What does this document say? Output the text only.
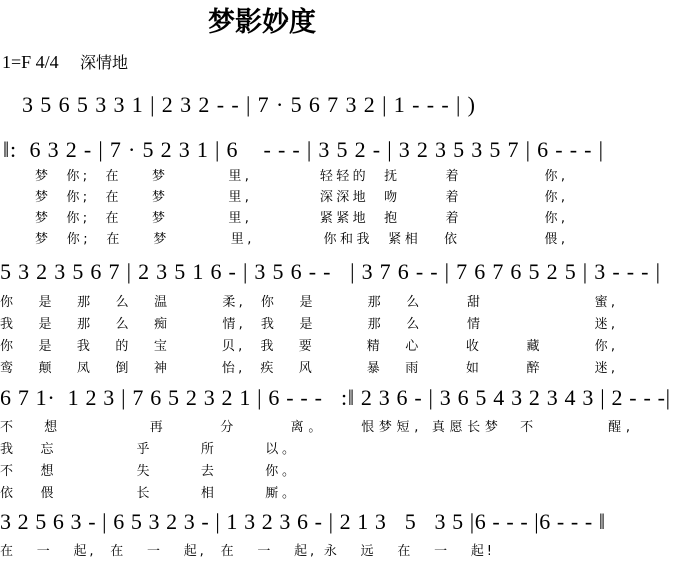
梦影妙度
1=F 4/4 深情地
3 5 6 5 3 3 1 | 2 3 2 - - | 7 · 5 6 7 3 2 | 1 - - - | )
‖:  6 3 2 - | 7 · 5 2 3 1 | 6    - - - | 3 5 2 - | 3 2 3 5 3 5 7 | 6 - - - |
梦  你;  在    梦        里,         轻轻的  抚      着           你,
梦  你;  在    梦        里,         深深地  吻      着           你,
梦  你;  在    梦        里,         紧紧地  抱      着           你,
梦  你;  在    梦        里,         你和我  紧相   依           偎,
5 3 2 3 5 6 7 | 2 3 5 1 6 - | 3 5 6 - -   | 3 7 6 - - | 7 6 7 6 5 2 5 | 3 - - - |
你   是   那   么   温       柔,  你   是       那   么      甜               蜜,
我   是   那   么   痴       情,  我   是       那   么      情               迷,
你   是   我   的   宝       贝,  我   要       精   心      收      藏       你,
鸾   颠   凤   倒   神       怡,  疾   风       暴   雨      如      醉       迷,
6 7 1·  1 2 3 | 7 6 5 2 3 2 1 | 6 - - -   :‖ 2 3 6 - | 3 6 5 4 3 2 3 4 3 | 2 - - -|
不   想          再      分      离。    恨梦短, 真愿长梦  不        醒,
我   忘          乎      所      以。
不   想          失      去      你。
依   偎          长      相      厮。
3 2 5 6 3 - | 6 5 3 2 3 - | 1 3 2 3 6 - | 2 1 3   5   3 5 |6 - - - |6 - - - ‖
在   一   起,  在   一   起,  在   一   起, 永   远   在   一   起!
